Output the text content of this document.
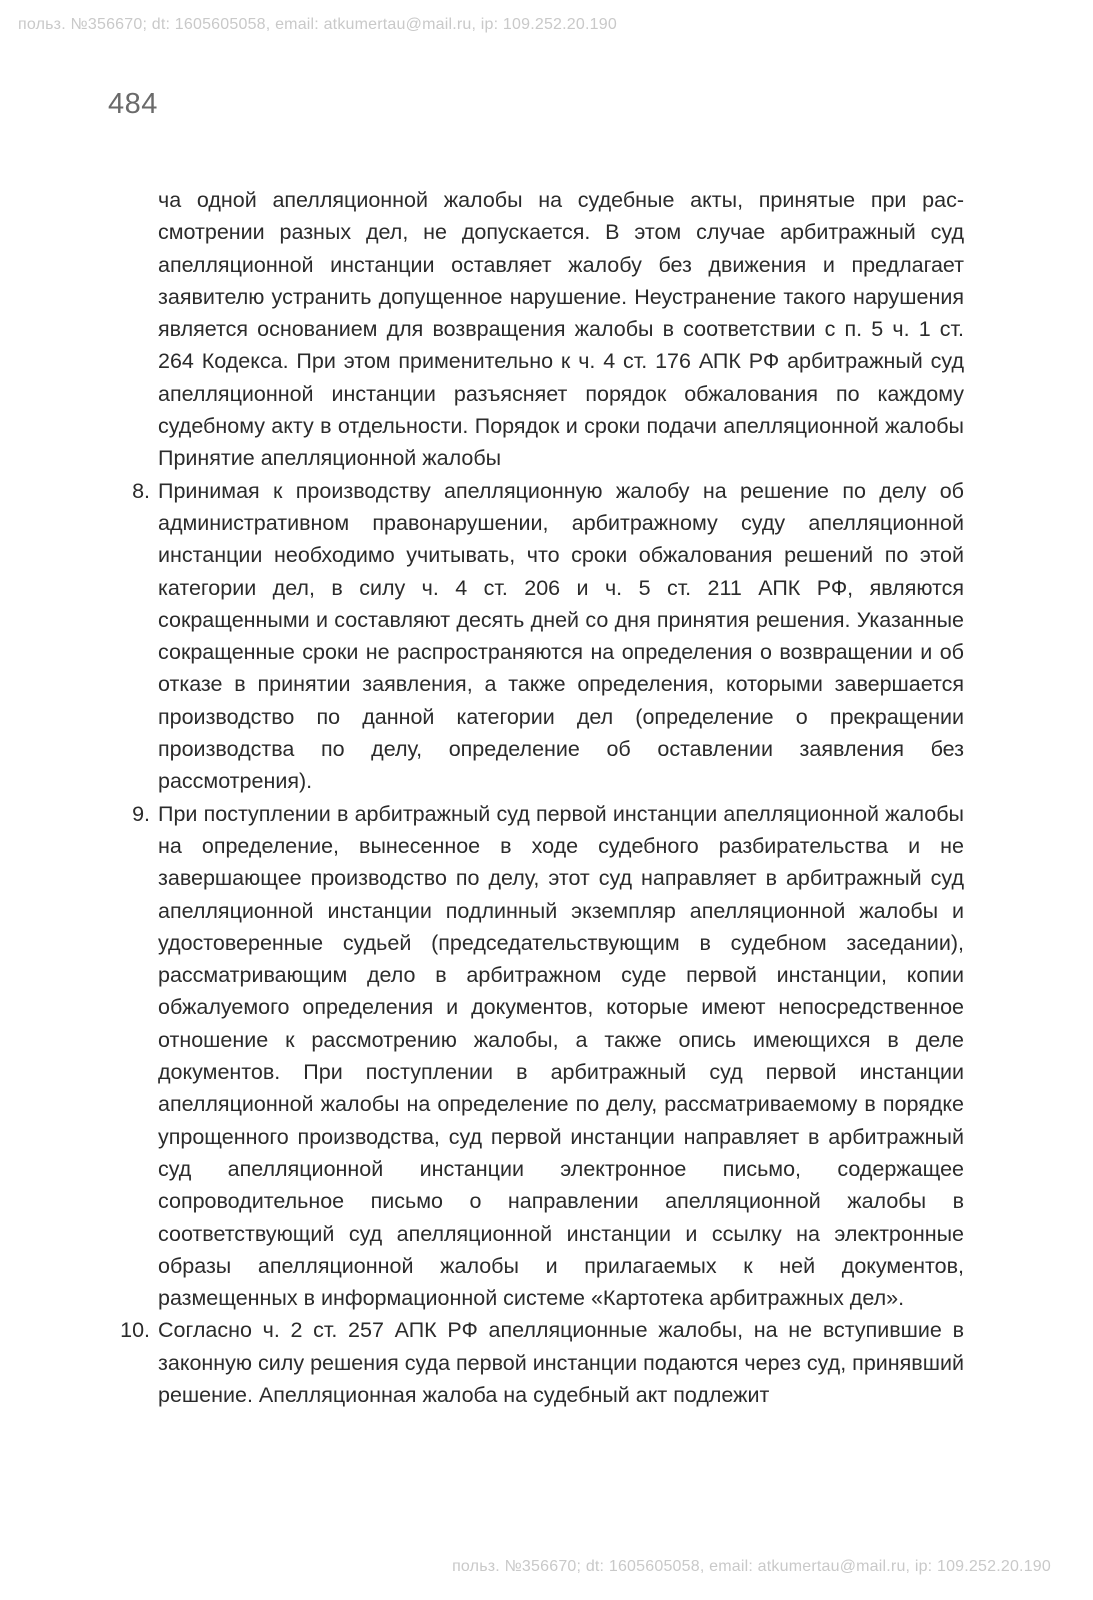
польз. №356670; dt: 1605605058, email: atkumertau@mail.ru, ip: 109.252.20.190
484

ча одной апелляционной жалобы на судебные акты, принятые при рассмотрении разных дел, не допускается. В этом случае арбитражный суд апелляционной инстанции оставляет жалобу без движения и предлагает заявителю устранить допущенное нарушение. Неустранение такого нарушения является основанием для возвращения жалобы в соответствии с п. 5 ч. 1 ст. 264 Кодекса. При этом применительно к ч. 4 ст. 176 АПК РФ арбитражный суд апелляционной инстанции разъясняет порядок обжалования по каждому судебному акту в отдельности. Порядок и сроки подачи апелляционной жалобы Принятие апелляционной жалобы

8. Принимая к производству апелляционную жалобу на решение по делу об административном правонарушении, арбитражному суду апелляционной инстанции необходимо учитывать, что сроки обжалования решений по этой категории дел, в силу ч. 4 ст. 206 и ч. 5 ст. 211 АПК РФ, являются сокращенными и составляют десять дней со дня принятия решения. Указанные сокращенные сроки не распространяются на определения о возвращении и об отказе в принятии заявления, а также определения, которыми завершается производство по данной категории дел (определение о прекращении производства по делу, определение об оставлении заявления без рассмотрения).
9. При поступлении в арбитражный суд первой инстанции апелляционной жалобы на определение, вынесенное в ходе судебного разбирательства и не завершающее производство по делу, этот суд направляет в арбитражный суд апелляционной инстанции подлинный экземпляр апелляционной жалобы и удостоверенные судьей (председательствующим в судебном заседании), рассматривающим дело в арбитражном суде первой инстанции, копии обжалуемого определения и документов, которые имеют непосредственное отношение к рассмотрению жалобы, а также опись имеющихся в деле документов. При поступлении в арбитражный суд первой инстанции апелляционной жалобы на определение по делу, рассматриваемому в порядке упрощенного производства, суд первой инстанции направляет в арбитражный суд апелляционной инстанции электронное письмо, содержащее сопроводительное письмо о направлении апелляционной жалобы в соответствующий суд апелляционной инстанции и ссылку на электронные образы апелляционной жалобы и прилагаемых к ней документов, размещенных в информационной системе «Картотека арбитражных дел».
10. Согласно ч. 2 ст. 257 АПК РФ апелляционные жалобы, на не вступившие в законную силу решения суда первой инстанции подаются через суд, принявший решение. Апелляционная жалоба на судебный акт подлежит
польз. №356670; dt: 1605605058, email: atkumertau@mail.ru, ip: 109.252.20.190
